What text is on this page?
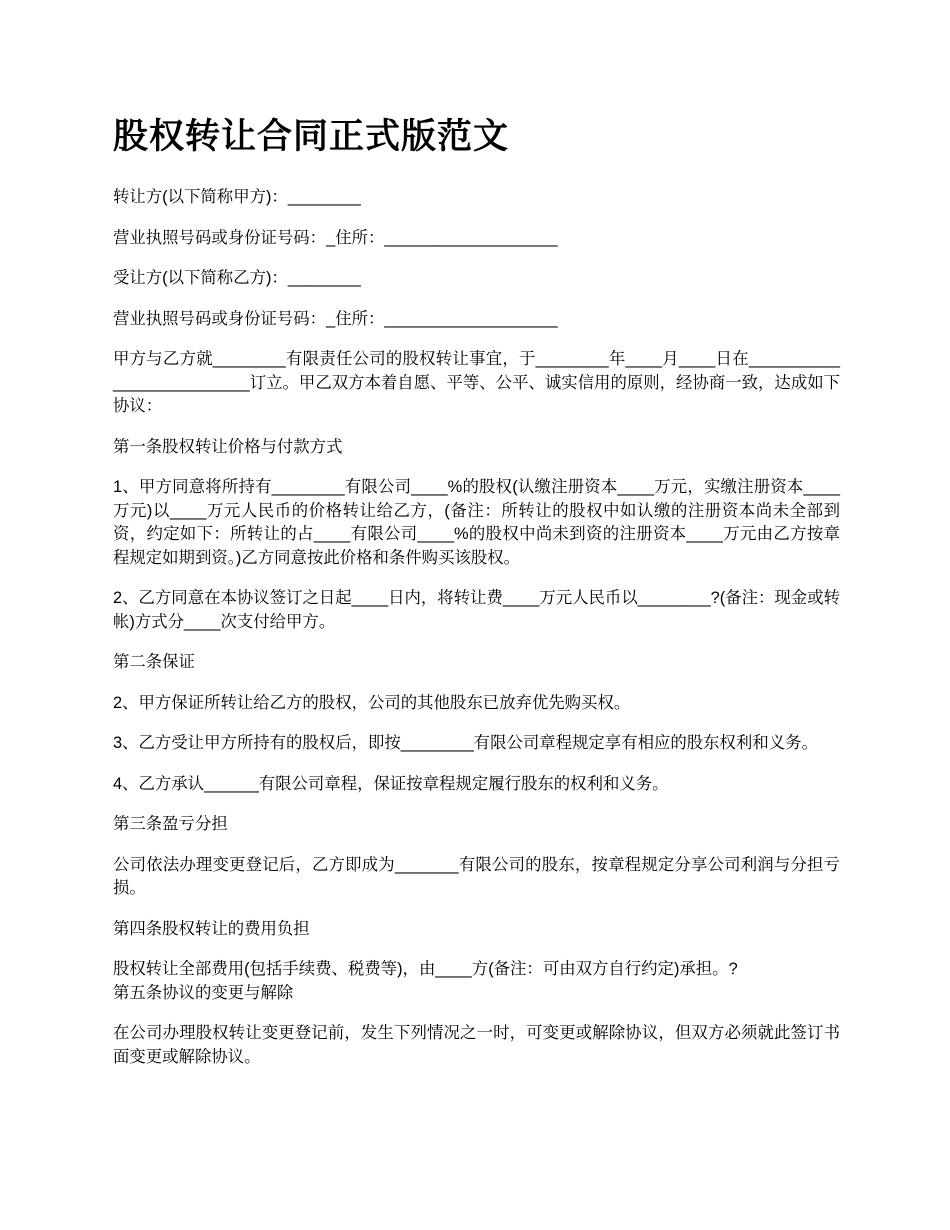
股权转让合同正式版范文

转让方(以下简称甲方)：________

营业执照号码或身份证号码：_住所：___________________

受让方(以下简称乙方)：________

营业执照号码或身份证号码：_住所：___________________

甲方与乙方就________有限责任公司的股权转让事宜，于________年____月____日在_________________________订立。甲乙双方本着自愿、平等、公平、诚实信用的原则，经协商一致，达成如下协议：

第一条股权转让价格与付款方式

1、甲方同意将所持有________有限公司____%的股权(认缴注册资本____万元，实缴注册资本____万元)以____万元人民币的价格转让给乙方，(备注：所转让的股权中如认缴的注册资本尚未全部到资，约定如下：所转让的占____有限公司____%的股权中尚未到资的注册资本____万元由乙方按章程规定如期到资。)乙方同意按此价格和条件购买该股权。

2、乙方同意在本协议签订之日起____日内，将转让费____万元人民币以________?(备注：现金或转帐)方式分____次支付给甲方。

第二条保证

2、甲方保证所转让给乙方的股权，公司的其他股东已放弃优先购买权。

3、乙方受让甲方所持有的股权后，即按________有限公司章程规定享有相应的股东权利和义务。

4、乙方承认______有限公司章程，保证按章程规定履行股东的权利和义务。

第三条盈亏分担

公司依法办理变更登记后，乙方即成为_______有限公司的股东，按章程规定分享公司利润与分担亏损。

第四条股权转让的费用负担

股权转让全部费用(包括手续费、税费等)，由____方(备注：可由双方自行约定)承担。?

第五条协议的变更与解除

在公司办理股权转让变更登记前，发生下列情况之一时，可变更或解除协议，但双方必须就此签订书面变更或解除协议。
